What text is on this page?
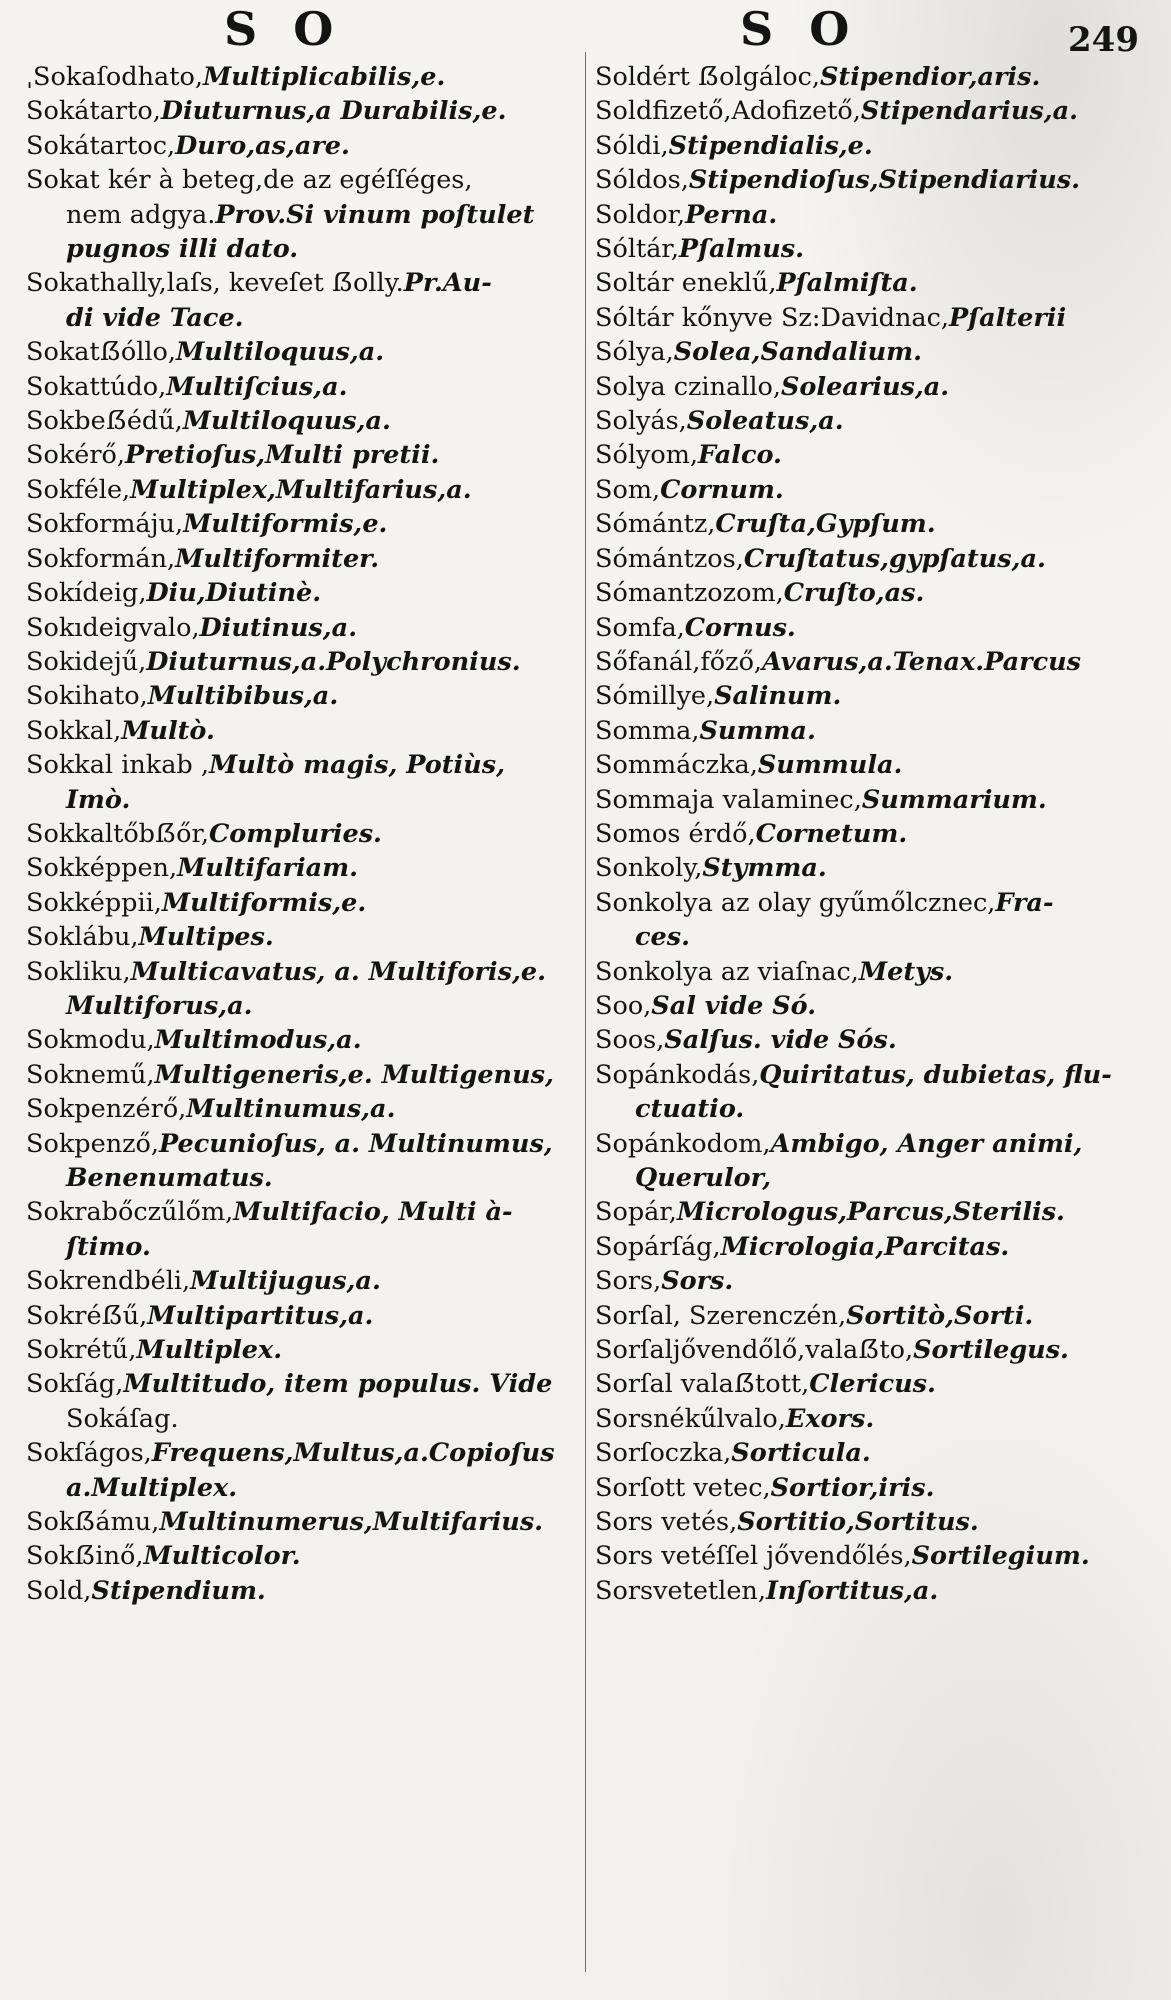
S O	S O	249
ˌSokaſodhato,Multiplicabilis,e.
Sokátarto,Diuturnus,a Durabilis,e.
Sokátartoc,Duro,as,are.
Sokat kér à beteg,de az egéſſéges,
nem adgya.Prov.Si vinum poſtulet
pugnos illi dato.
Sokathally,laſs, keveſet ẞolly.Pr.Au-
di vide Tace.
Sokatẞóllo,Multiloquus,a.
Sokattúdo,Multiſcius,a.
Sokbeẞédű,Multiloquus,a.
Sokérő,Pretioſus,Multi pretii.
Sokféle,Multiplex,Multifarius,a.
Sokformáju,Multiformis,e.
Sokformán,Multiformiter.
Sokídeig,Diu,Diutinè.
Sokıdeigvalo,Diutinus,a.
Sokidejű,Diuturnus,a.Polychronius.
Sokihato,Multibibus,a.
Sokkal,Multò.
Sokkal inkab ,Multò magis, Potiùs,
Imò.
Sokkaltőbẞőr,Compluries.
Sokképpen,Multifariam.
Sokképpii,Multiformis,e.
Soklábu,Multipes.
Sokliku,Multicavatus, a. Multiforis,e.
Multiforus,a.
Sokmodu,Multimodus,a.
Soknemű,Multigeneris,e. Multigenus,
Sokpenzérő,Multinumus,a.
Sokpenző,Pecunioſus, a. Multinumus,
Benenumatus.
Sokrabőczűlőm,Multifacio, Multi à-
ſtimo.
Sokrendbéli,Multijugus,a.
Sokréẞű,Multipartitus,a.
Sokrétű,Multiplex.
Sokſág,Multitudo, item populus. Vide
Sokáſag.
Sokſágos,Frequens,Multus,a.Copioſus
a.Multiplex.
Sokẞámu,Multinumerus,Multifarius.
Sokẞinő,Multicolor.
Sold,Stipendium.
Soldért ẞolgáloc,Stipendior,aris.
Soldfizető,Adofizető,Stipendarius,a.
Sóldi,Stipendialis,e.
Sóldos,Stipendioſus,Stipendiarius.
Soldor,Perna.
Sóltár,Pſalmus.
Soltár eneklű,Pſalmiſta.
Sóltár kőnyve Sz:Davidnac,Pſalterii
Sólya,Solea,Sandalium.
Solya czinallo,Solearius,a.
Solyás,Soleatus,a.
Sólyom,Falco.
Som,Cornum.
Sómántz,Cruſta,Gypſum.
Sómántzos,Cruſtatus,gypſatus,a.
Sómantzozom,Cruſto,as.
Somfa,Cornus.
Sőfanál,főző,Avarus,a.Tenax.Parcus
Sómillye,Salinum.
Somma,Summa.
Sommáczka,Summula.
Sommaja valaminec,Summarium.
Somos érdő,Cornetum.
Sonkoly,Stymma.
Sonkolya az olay gyűmőlcznec,Fra-
ces.
Sonkolya az viaſnac,Metys.
Soo,Sal vide Só.
Soos,Salſus. vide Sós.
Sopánkodás,Quiritatus, dubietas, flu-
ctuatio.
Sopánkodom,Ambigo, Anger animi,
Querulor,
Sopár,Micrologus,Parcus,Sterilis.
Sopárſág,Micrologia,Parcitas.
Sors,Sors.
Sorſal, Szerenczén,Sortitò,Sorti.
Sorſaljővendőlő,valaẞto,Sortilegus.
Sorſal valaẞtott,Clericus.
Sorsnékűlvalo,Exors.
Sorſoczka,Sorticula.
Sorſott vetec,Sortior,iris.
Sors vetés,Sortitio,Sortitus.
Sors vetéſſel jővendőlés,Sortilegium.
Sorsvetetlen,Inſortitus,a.
